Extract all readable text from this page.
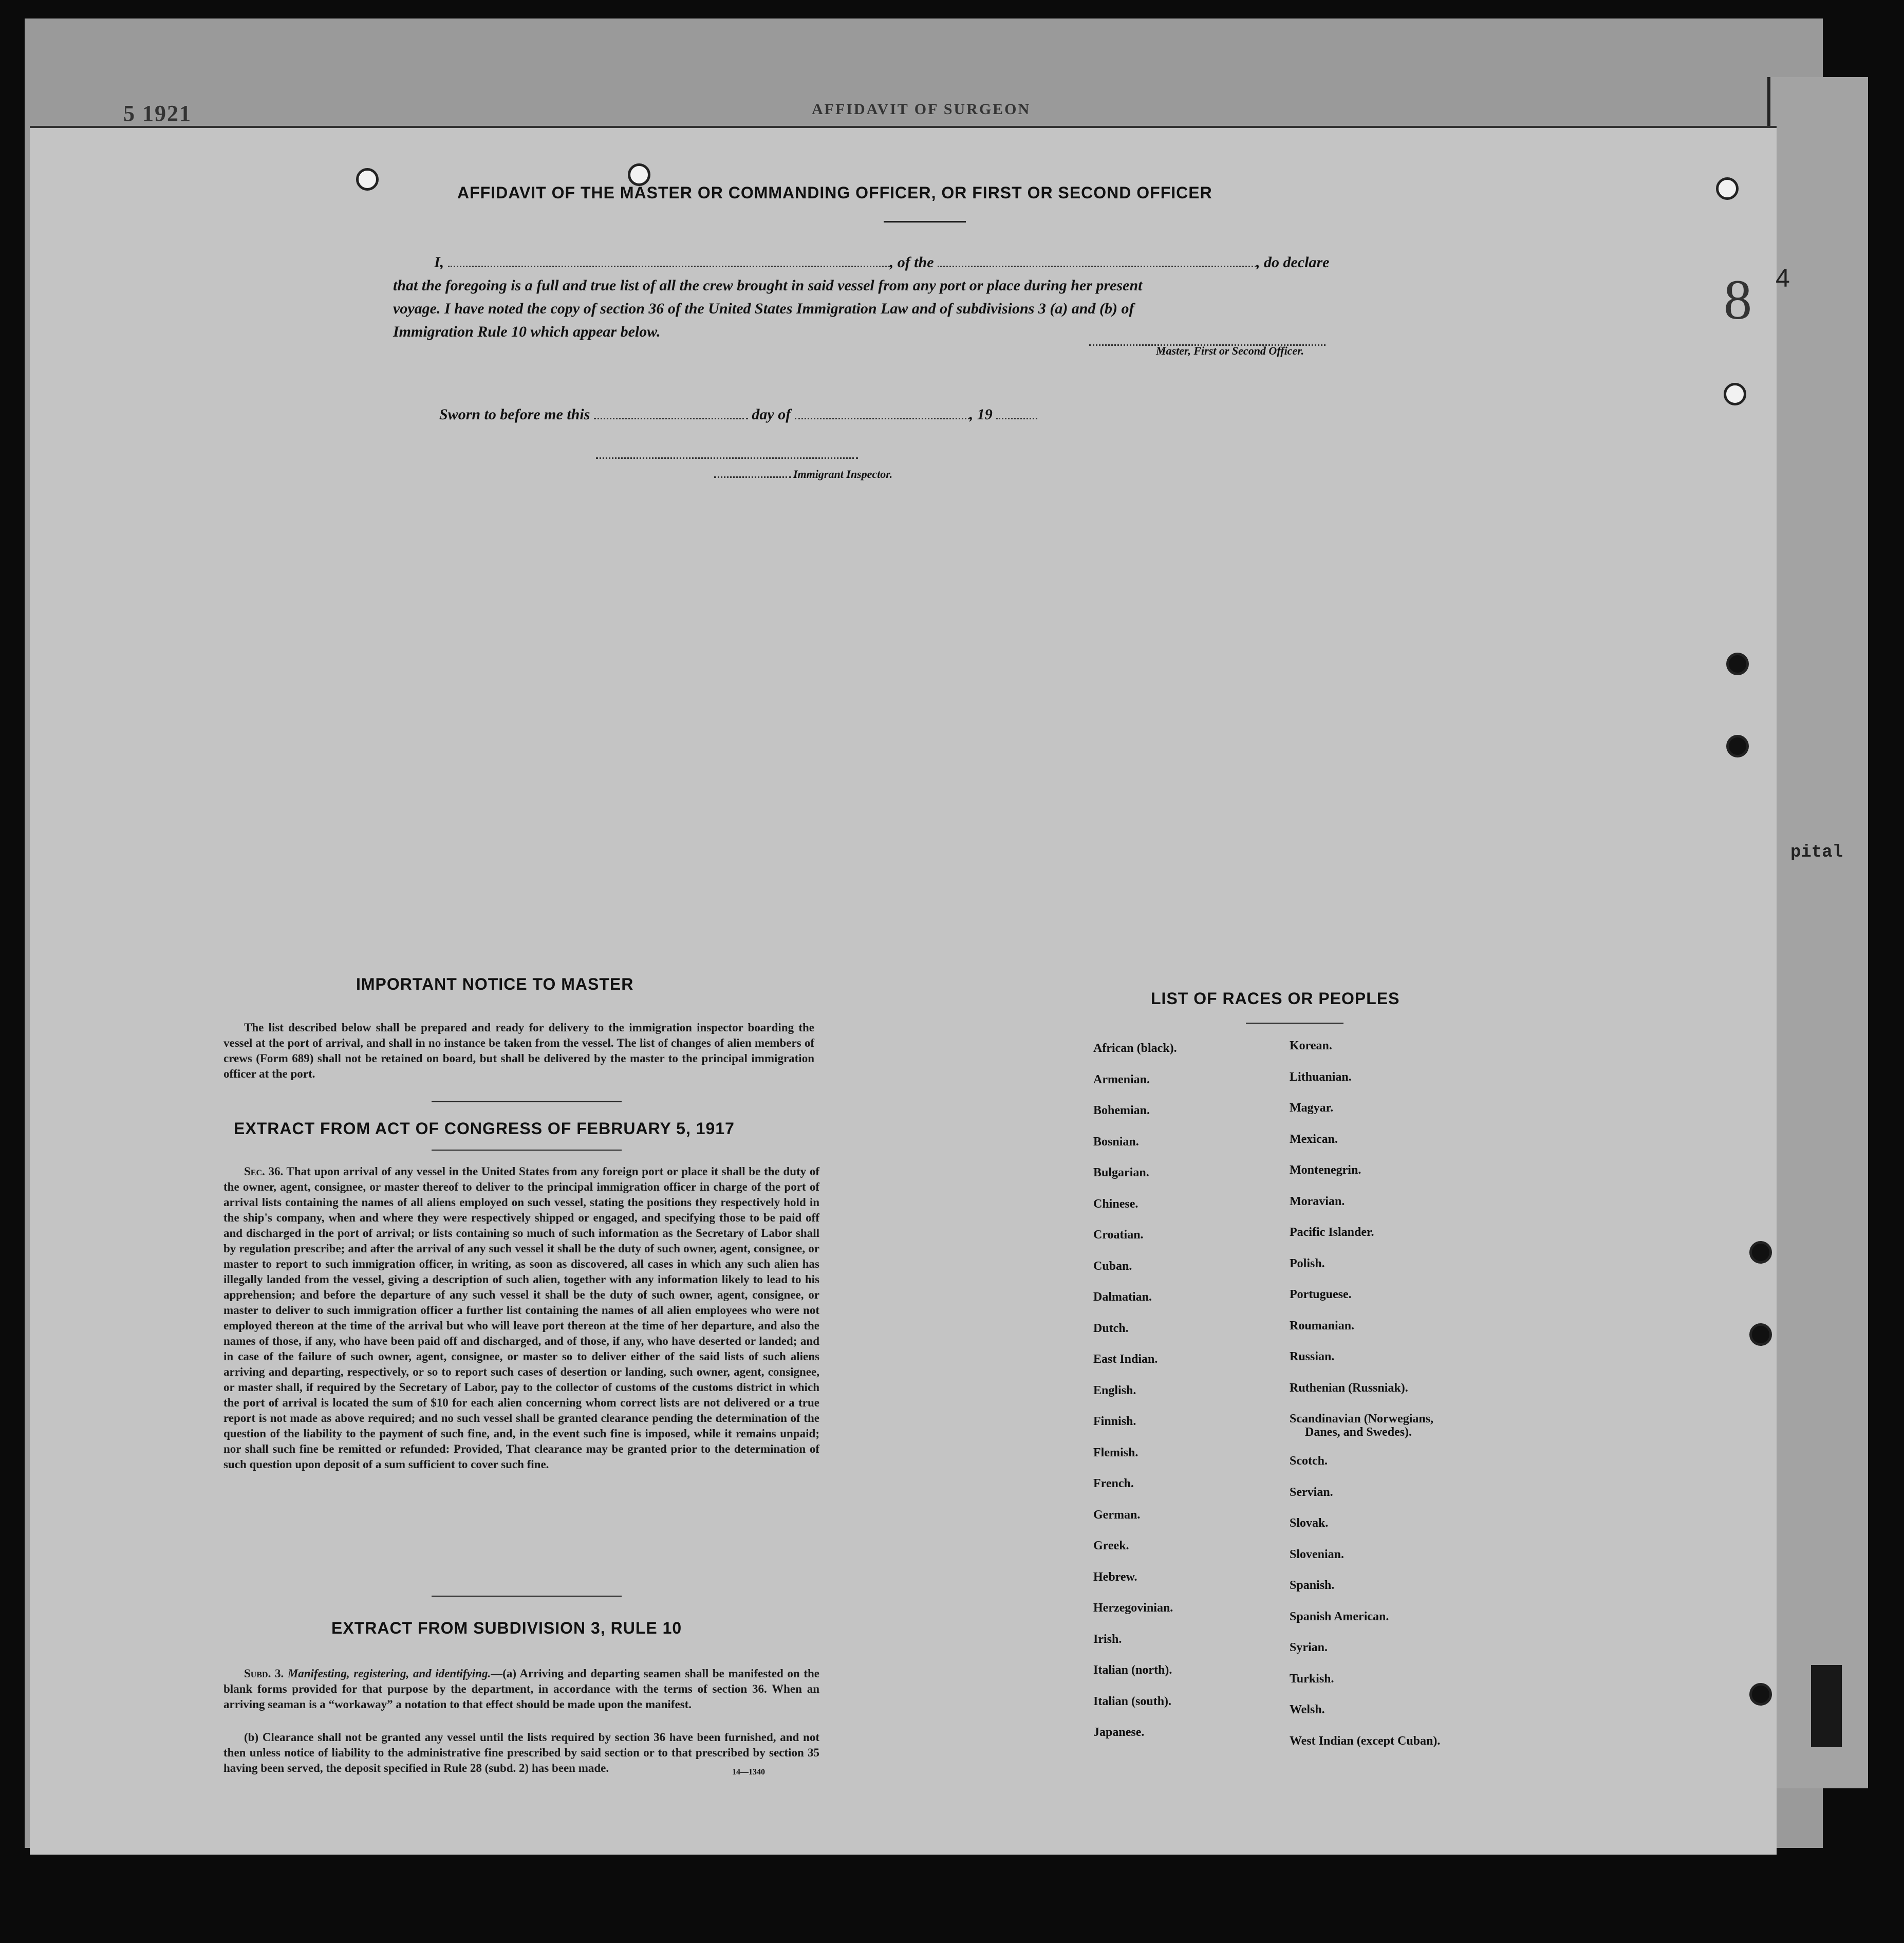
5 1921	AFFIDAVIT OF SURGEON
8 4
pital
AFFIDAVIT OF THE MASTER OR COMMANDING OFFICER, OR FIRST OR SECOND OFFICER
I,	, of the	, do declare
that the foregoing is a full and true list of all the crew brought in said vessel from any port or place during her present
voyage. I have noted the copy of section 36 of the United States Immigration Law and of subdivisions 3 (a) and (b) of
Immigration Rule 10 which appear below.
Master, First or Second Officer.
Sworn to before me this	day of	, 19
Immigrant Inspector.
IMPORTANT NOTICE TO MASTER
The list described below shall be prepared and ready for delivery to the immigration inspector boarding the vessel at the port of arrival, and shall in no instance be taken from the vessel. The list of changes of alien members of crews (Form 689) shall not be retained on board, but shall be delivered by the master to the principal immigration officer at the port.
EXTRACT FROM ACT OF CONGRESS OF FEBRUARY 5, 1917
Sec. 36. That upon arrival of any vessel in the United States from any foreign port or place it shall be the duty of the owner, agent, consignee, or master thereof to deliver to the principal immigration officer in charge of the port of arrival lists containing the names of all aliens employed on such vessel, stating the positions they respectively hold in the ship's company, when and where they were respectively shipped or engaged, and specifying those to be paid off and discharged in the port of arrival; or lists containing so much of such information as the Secretary of Labor shall by regulation prescribe; and after the arrival of any such vessel it shall be the duty of such owner, agent, consignee, or master to report to such immigration officer, in writing, as soon as discovered, all cases in which any such alien has illegally landed from the vessel, giving a description of such alien, together with any information likely to lead to his apprehension; and before the departure of any such vessel it shall be the duty of such owner, agent, consignee, or master to deliver to such immigration officer a further list containing the names of all alien employees who were not employed thereon at the time of the arrival but who will leave port thereon at the time of her departure, and also the names of those, if any, who have been paid off and discharged, and of those, if any, who have deserted or landed; and in case of the failure of such owner, agent, consignee, or master so to deliver either of the said lists of such aliens arriving and departing, respectively, or so to report such cases of desertion or landing, such owner, agent, consignee, or master shall, if required by the Secretary of Labor, pay to the collector of customs of the customs district in which the port of arrival is located the sum of $10 for each alien concerning whom correct lists are not delivered or a true report is not made as above required; and no such vessel shall be granted clearance pending the determination of the question of the liability to the payment of such fine, and, in the event such fine is imposed, while it remains unpaid; nor shall such fine be remitted or refunded: Provided, That clearance may be granted prior to the determination of such question upon deposit of a sum sufficient to cover such fine.
EXTRACT FROM SUBDIVISION 3, RULE 10
Subd. 3. Manifesting, registering, and identifying.—(a) Arriving and departing seamen shall be manifested on the blank forms provided for that purpose by the department, in accordance with the terms of section 36. When an arriving seaman is a “workaway” a notation to that effect should be made upon the manifest.
(b) Clearance shall not be granted any vessel until the lists required by section 36 have been furnished, and not then unless notice of liability to the administrative fine prescribed by said section or to that prescribed by section 35 having been served, the deposit specified in Rule 28 (subd. 2) has been made.	14—1340
LIST OF RACES OR PEOPLES
African (black).
Armenian.
Bohemian.
Bosnian.
Bulgarian.
Chinese.
Croatian.
Cuban.
Dalmatian.
Dutch.
East Indian.
English.
Finnish.
Flemish.
French.
German.
Greek.
Hebrew.
Herzegovinian.
Irish.
Italian (north).
Italian (south).
Japanese.
Korean.
Lithuanian.
Magyar.
Mexican.
Montenegrin.
Moravian.
Pacific Islander.
Polish.
Portuguese.
Roumanian.
Russian.
Ruthenian (Russniak).
Scandinavian (Norwegians,
Danes, and Swedes).
Scotch.
Servian.
Slovak.
Slovenian.
Spanish.
Spanish American.
Syrian.
Turkish.
Welsh.
West Indian (except Cuban).
